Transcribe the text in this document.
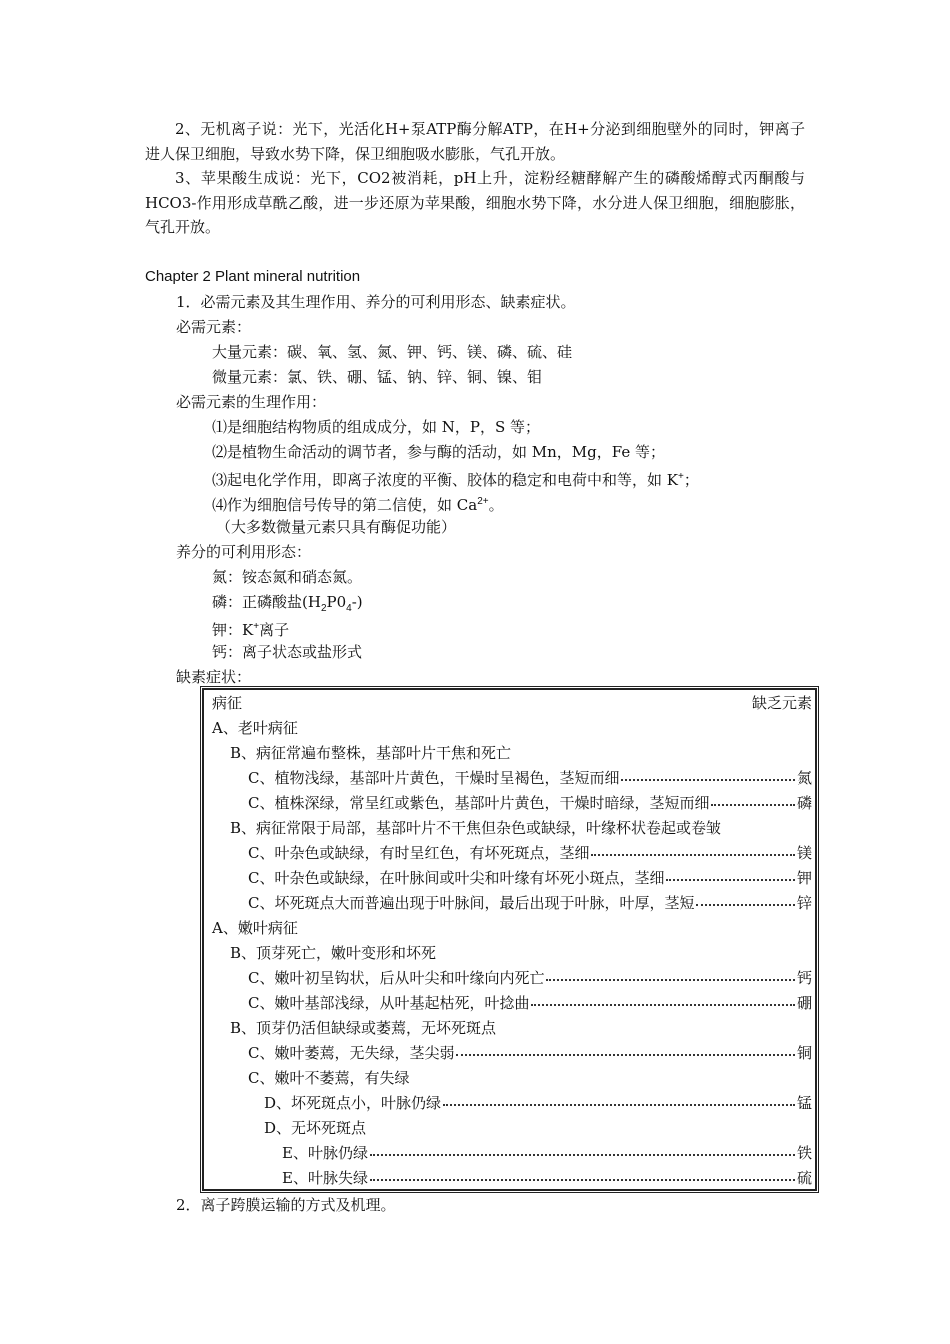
2、无机离子说：光下，光活化H+泵ATP酶分解ATP，在H+分泌到细胞壁外的同时，钾离子进人保卫细胞，导致水势下降，保卫细胞吸水膨胀，气孔开放。
3、苹果酸生成说：光下，CO2被消耗，pH上升，淀粉经糖酵解产生的磷酸烯醇式丙酮酸与HCO3-作用形成草酰乙酸，进一步还原为苹果酸，细胞水势下降，水分进人保卫细胞，细胞膨胀，气孔开放。
Chapter 2 Plant mineral nutrition
1．必需元素及其生理作用、养分的可利用形态、缺素症状。
必需元素：
大量元素：碳、氧、氢、氮、钾、钙、镁、磷、硫、硅
微量元素：氯、铁、硼、锰、钠、锌、铜、镍、钼
必需元素的生理作用：
⑴是细胞结构物质的组成成分，如 N，P，S 等；
⑵是植物生命活动的调节者，参与酶的活动，如 Mn，Mg，Fe 等；
⑶起电化学作用，即离子浓度的平衡、胶体的稳定和电荷中和等，如 K+；
⑷作为细胞信号传导的第二信使，如 $Ca^{2+}$。
（大多数微量元素只具有酶促功能）
养分的可利用形态：
氮：铵态氮和硝态氮。
磷：正磷酸盐$(H_2P0_4-)$
钾：K+离子
钙：离子状态或盐形式
缺素症状：
病征	缺乏元素
A、老叶病征
B、病征常遍布整株，基部叶片干焦和死亡
C、植物浅绿，基部叶片黄色，干燥时呈褐色，茎短而细	氮
C、植株深绿，常呈红或紫色，基部叶片黄色，干燥时暗绿，茎短而细	磷
B、病征常限于局部，基部叶片不干焦但杂色或缺绿，叶缘杯状卷起或卷皱
C、叶杂色或缺绿，有时呈红色，有坏死斑点，茎细	镁
C、叶杂色或缺绿，在叶脉间或叶尖和叶缘有坏死小斑点，茎细	钾
C、坏死斑点大而普遍出现于叶脉间，最后出现于叶脉，叶厚，茎短	锌
A、嫩叶病征
B、顶芽死亡，嫩叶变形和坏死
C、嫩叶初呈钩状，后从叶尖和叶缘向内死亡	钙
C、嫩叶基部浅绿，从叶基起枯死，叶捻曲	硼
B、顶芽仍活但缺绿或萎蔫，无坏死斑点
C、嫩叶萎蔫，无失绿，茎尖弱	铜
C、嫩叶不萎蔫，有失绿
D、坏死斑点小，叶脉仍绿	锰
D、无坏死斑点
E、叶脉仍绿	铁
E、叶脉失绿	硫
2．离子跨膜运输的方式及机理。
